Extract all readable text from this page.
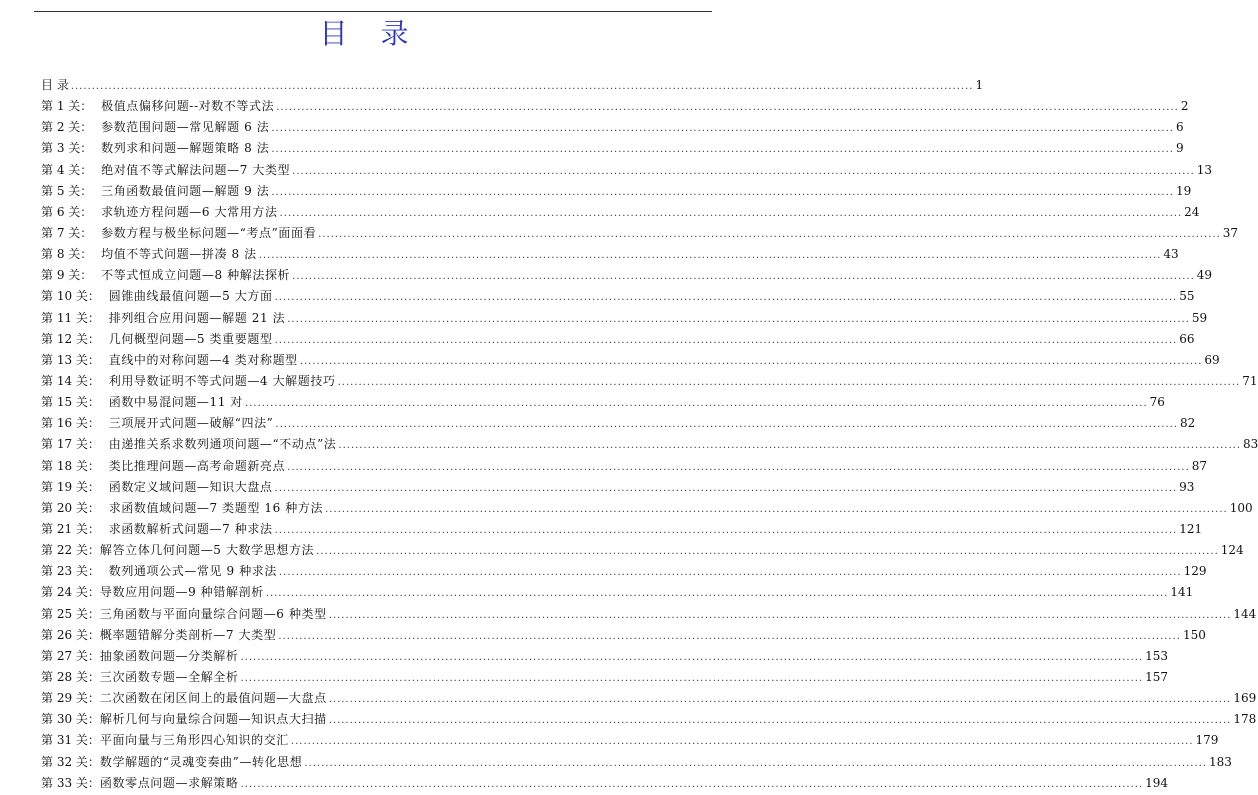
目 录
目 录 .....	1
第 1 关： 极值点偏移问题--对数不等式法 .....	2
第 2 关： 参数范围问题—常见解题 6 法 .....	6
第 3 关： 数列求和问题—解题策略 8 法 .....	9
第 4 关： 绝对值不等式解法问题—7 大类型 .....	13
第 5 关： 三角函数最值问题—解题 9 法 .....	19
第 6 关： 求轨迹方程问题—6 大常用方法 .....	24
第 7 关： 参数方程与极坐标问题—“考点”面面看 .....	37
第 8 关： 均值不等式问题—拼凑 8 法 .....	43
第 9 关： 不等式恒成立问题—8 种解法探析 .....	49
第 10 关： 圆锥曲线最值问题—5 大方面 .....	55
第 11 关： 排列组合应用问题—解题 21 法 .....	59
第 12 关： 几何概型问题—5 类重要题型 .....	66
第 13 关： 直线中的对称问题—4 类对称题型 .....	69
第 14 关： 利用导数证明不等式问题—4 大解题技巧 .....	71
第 15 关： 函数中易混问题—11 对 .....	76
第 16 关： 三项展开式问题—破解“四法” .....	82
第 17 关： 由递推关系求数列通项问题—“不动点”法 .....	83
第 18 关： 类比推理问题—高考命题新亮点 .....	87
第 19 关： 函数定义域问题—知识大盘点 .....	93
第 20 关： 求函数值域问题—7 类题型 16 种方法 .....	100
第 21 关： 求函数解析式问题—7 种求法 .....	121
第 22 关： 解答立体几何问题—5 大数学思想方法 .....	124
第 23 关： 数列通项公式—常见 9 种求法 .....	129
第 24 关： 导数应用问题—9 种错解剖析 .....	141
第 25 关： 三角函数与平面向量综合问题—6 种类型 .....	144
第 26 关： 概率题错解分类剖析—7 大类型 .....	150
第 27 关： 抽象函数问题—分类解析 .....	153
第 28 关： 三次函数专题—全解全析 .....	157
第 29 关： 二次函数在闭区间上的最值问题—大盘点 .....	169
第 30 关： 解析几何与向量综合问题—知识点大扫描 .....	178
第 31 关： 平面向量与三角形四心知识的交汇 .....	179
第 32 关： 数学解题的“灵魂变奏曲”—转化思想 .....	183
第 33 关： 函数零点问题—求解策略 .....	194
